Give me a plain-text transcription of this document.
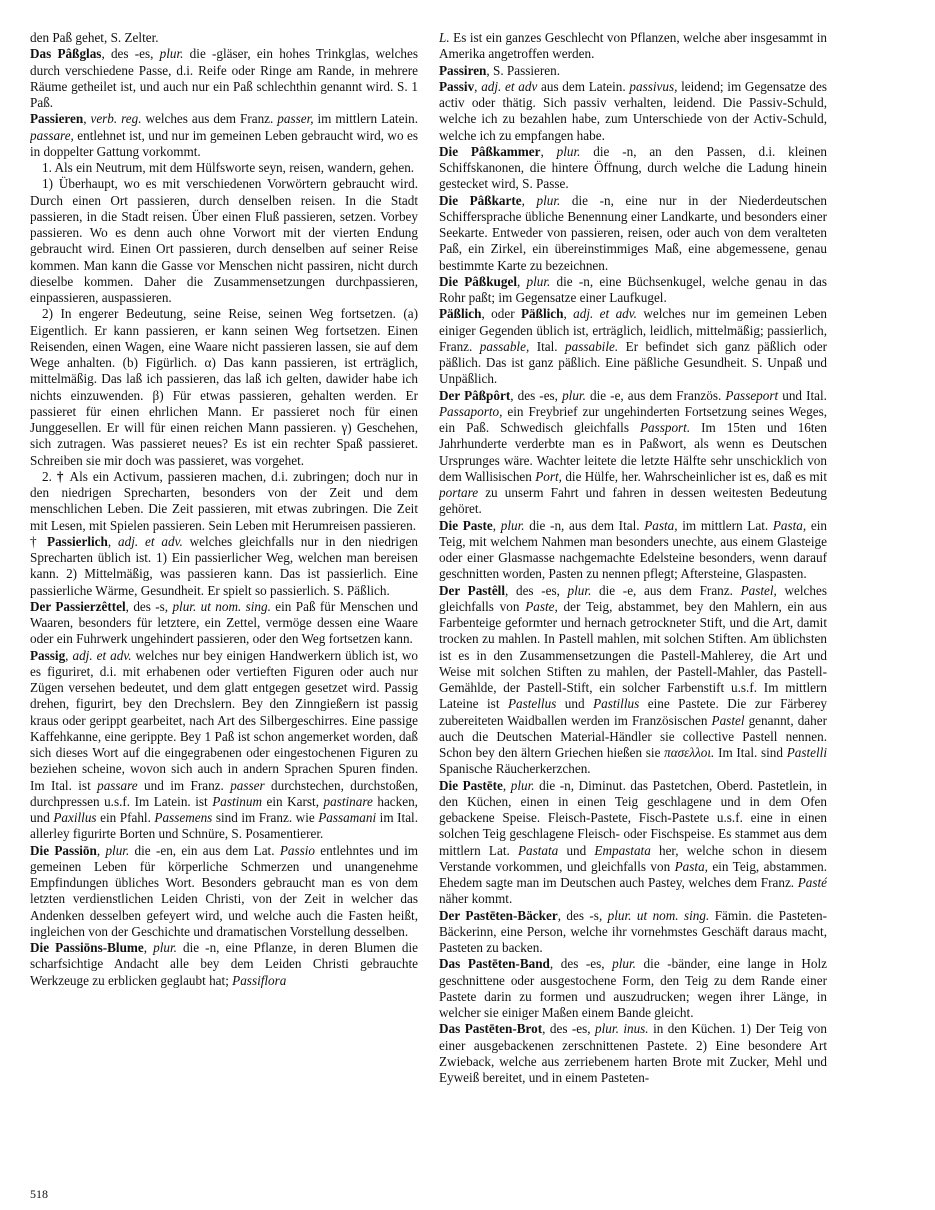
den Paß gehet, S. Zelter.

Das Pâßglas, des -es, plur. die -gläser, ein hohes Trinkglas, welches durch verschiedene Passe, d.i. Reife oder Ringe am Rande, in mehrere Räume getheilet ist, und auch nur ein Paß schlechthin genannt wird. S. 1 Paß.

Passieren, verb. reg. welches aus dem Franz. passer, im mittlern Latein. passare, entlehnet ist, und nur im gemeinen Leben gebraucht wird, wo es in doppelter Gattung vorkommt.

1. Als ein Neutrum, mit dem Hülfsworte seyn, reisen, wandern, gehen.

1) Überhaupt, wo es mit verschiedenen Vorwörtern gebraucht wird. Durch einen Ort passieren, durch denselben reisen. In die Stadt passieren, in die Stadt reisen. Über einen Fluß passieren, setzen. Vorbey passieren. Wo es denn auch ohne Vorwort mit der vierten Endung gebraucht wird. Einen Ort passieren, durch denselben auf seiner Reise kommen. Man kann die Gasse vor Menschen nicht passiren, nicht durch dieselbe kommen. Daher die Zusammensetzungen durchpassieren, einpassieren, auspassieren.

2) In engerer Bedeutung, seine Reise, seinen Weg fortsetzen. (a) Eigentlich. Er kann passieren, er kann seinen Weg fortsetzen. Einen Reisenden, einen Wagen, eine Waare nicht passieren lassen, sie auf dem Wege anhalten. (b) Figürlich. α) Das kann passieren, ist erträglich, mittelmäßig. Das laß ich passieren, das laß ich gelten, dawider habe ich nichts einzuwenden. β) Für etwas passieren, gehalten werden. Er passieret für einen ehrlichen Mann. Er passieret noch für einen Junggesellen. Er will für einen reichen Mann passieren. γ) Geschehen, sich zutragen. Was passieret neues? Es ist ein rechter Spaß passieret. Schreiben sie mir doch was passieret, was vorgehet.

2. † Als ein Activum, passieren machen, d.i. zubringen; doch nur in den niedrigen Sprecharten, besonders von der Zeit und dem menschlichen Leben. Die Zeit passieren, mit etwas zubringen. Die Zeit mit Lesen, mit Spielen passieren. Sein Leben mit Herumreisen passieren.

† Passierlich, adj. et adv. welches gleichfalls nur in den niedrigen Sprecharten üblich ist. 1) Ein passierlicher Weg, welchen man bereisen kann. 2) Mittelmäßig, was passieren kann. Das ist passierlich. Eine passierliche Wärme, Gesundheit. Er spielt so passierlich. S. Päßlich.

Der Passierzêttel, des -s, plur. ut nom. sing. ein Paß für Menschen und Waaren, besonders für letztere, ein Zettel, vermöge dessen eine Waare oder ein Fuhrwerk ungehindert passieren, oder den Weg fortsetzen kann.

Passig, adj. et adv. welches nur bey einigen Handwerkern üblich ist, wo es figuriret, d.i. mit erhabenen oder vertieften Figuren oder auch nur Zügen versehen bedeutet, und dem glatt entgegen gesetzet wird. Passig drehen, figurirt, bey den Drechslern. Bey den Zinngießern ist passig kraus oder gerippt gearbeitet, nach Art des Silbergeschirres. Eine passige Kaffehkanne, eine gerippte. Bey 1 Paß ist schon angemerket worden, daß sich dieses Wort auf die eingegrabenen oder eingestochenen Figuren zu beziehen scheine, wovon sich auch in andern Sprachen Spuren finden. Im Ital. ist passare und im Franz. passer durchstechen, durchstoßen, durchpressen u.s.f. Im Latein. ist Pastinum ein Karst, pastinare hacken, und Paxillus ein Pfahl. Passemens sind im Franz. wie Passamani im Ital. allerley figurirte Borten und Schnüre, S. Posamentierer.

Die Passiōn, plur. die -en, ein aus dem Lat. Passio entlehntes und im gemeinen Leben für körperliche Schmerzen und unangenehme Empfindungen übliches Wort. Besonders gebraucht man es von dem letzten verdienstlichen Leiden Christi, von der Zeit in welcher das Andenken desselben gefeyert wird, und welche auch die Fasten heißt, ingleichen von der Geschichte und dramatischen Vorstellung desselben.

Die Passiōns-Blume, plur. die -n, eine Pflanze, in deren Blumen die scharfsichtige Andacht alle bey dem Leiden Christi gebrauchte Werkzeuge zu erblicken geglaubt hat; Passiflora

L. Es ist ein ganzes Geschlecht von Pflanzen, welche aber insgesammt in Amerika angetroffen werden.

Passiren, S. Passieren.

Passiv, adj. et adv aus dem Latein. passivus, leidend; im Gegensatze des activ oder thätig. Sich passiv verhalten, leidend. Die Passiv-Schuld, welche ich zu bezahlen habe, zum Unterschiede von der Activ-Schuld, welche ich zu empfangen habe.

Die Pâßkammer, plur. die -n, an den Passen, d.i. kleinen Schiffskanonen, die hintere Öffnung, durch welche die Ladung hinein gestecket wird, S. Passe.

Die Pâßkarte, plur. die -n, eine nur in der Niederdeutschen Schiffersprache übliche Benennung einer Landkarte, und besonders einer Seekarte. Entweder von passieren, reisen, oder auch von dem veralteten Paß, ein Zirkel, ein übereinstimmiges Maß, eine abgemessene, genau bestimmte Karte zu bezeichnen.

Die Pâßkugel, plur. die -n, eine Büchsenkugel, welche genau in das Rohr paßt; im Gegensatze einer Laufkugel.

Päßlich, oder Päßlich, adj. et adv. welches nur im gemeinen Leben einiger Gegenden üblich ist, erträglich, leidlich, mittelmäßig; passierlich, Franz. passable, Ital. passabile. Er befindet sich ganz päßlich oder päßlich. Das ist ganz päßlich. Eine päßliche Gesundheit. S. Unpaß und Unpäßlich.

Der Pâßpôrt, des -es, plur. die -e, aus dem Französ. Passeport und Ital. Passaporto, ein Freybrief zur ungehinderten Fortsetzung seines Weges, ein Paß. Schwedisch gleichfalls Passport. Im 15ten und 16ten Jahrhunderte verderbte man es in Paßwort, als wenn es Deutschen Ursprunges wäre. Wachter leitete die letzte Hälfte sehr unschicklich von dem Wallisischen Port, die Hülfe, her. Wahrscheinlicher ist es, daß es mit portare zu unserm Fahrt und fahren in dessen weitesten Bedeutung gehöret.

Die Paste, plur. die -n, aus dem Ital. Pasta, im mittlern Lat. Pasta, ein Teig, mit welchem Nahmen man besonders unechte, aus einem Glasteige oder einer Glasmasse nachgemachte Edelsteine besonders, wenn darauf geschnitten worden, Pasten zu nennen pflegt; Aftersteine, Glaspasten.

Der Pastêll, des -es, plur. die -e, aus dem Franz. Pastel, welches gleichfalls von Paste, der Teig, abstammet, bey den Mahlern, ein aus Farbenteige geformter und hernach getrockneter Stift, und die Art, damit trocken zu mahlen. In Pastell mahlen, mit solchen Stiften. Am üblichsten ist es in den Zusammensetzungen die Pastell-Mahlerey, die Art und Weise mit solchen Stiften zu mahlen, der Pastell-Mahler, das Pastell-Gemählde, der Pastell-Stift, ein solcher Farbenstift u.s.f. Im mittlern Lateine ist Pastellus und Pastillus eine Pastete. Die zur Färberey zubereiteten Waidballen werden im Französischen Pastel genannt, daher auch die Deutschen Material-Händler sie collective Pastell nennen. Schon bey den ältern Griechen hießen sie πασελλοι. Im Ital. sind Pastelli Spanische Räucherkerzchen.

Die Pastēte, plur. die -n, Diminut. das Pastetchen, Oberd. Pastetlein, in den Küchen, einen in einen Teig geschlagene und in dem Ofen gebackene Speise. Fleisch-Pastete, Fisch-Pastete u.s.f. eine in einen solchen Teig geschlagene Fleisch- oder Fischspeise. Es stammet aus dem mittlern Lat. Pastata und Empastata her, welche schon in diesem Verstande vorkommen, und gleichfalls von Pasta, ein Teig, abstammen. Ehedem sagte man im Deutschen auch Pastey, welches dem Franz. Pasté näher kommt.

Der Pastēten-Bäcker, des -s, plur. ut nom. sing. Fämin. die Pasteten-Bäckerinn, eine Person, welche ihr vornehmstes Geschäft daraus macht, Pasteten zu backen.

Das Pastēten-Band, des -es, plur. die -bänder, eine lange in Holz geschnittene oder ausgestochene Form, den Teig zu dem Rande einer Pastete darin zu formen und auszudrucken; wegen ihrer Länge, in welcher sie einiger Maßen einem Bande gleicht.

Das Pastēten-Brot, des -es, plur. inus. in den Küchen. 1) Der Teig von einer ausgebackenen zerschnittenen Pastete. 2) Eine besondere Art Zwieback, welche aus zerriebenem harten Brote mit Zucker, Mehl und Eyweiß bereitet, und in einem Pasteten-

518
